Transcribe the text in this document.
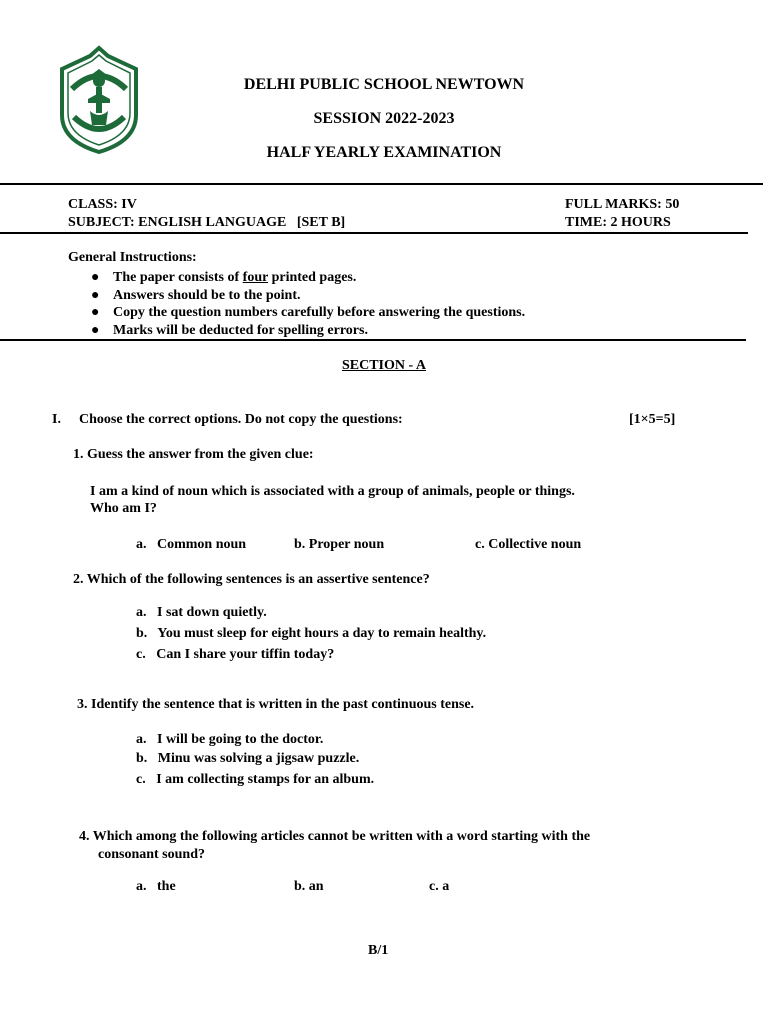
DELHI PUBLIC SCHOOL NEWTOWN
SESSION 2022-2023
HALF YEARLY EXAMINATION
CLASS: IV
SUBJECT: ENGLISH LANGUAGE   [SET B]
FULL MARKS: 50
TIME: 2 HOURS
General Instructions:
● The paper consists of four printed pages.
● Answers should be to the point.
● Copy the question numbers carefully before answering the questions.
● Marks will be deducted for spelling errors.
SECTION - A
I. Choose the correct options. Do not copy the questions:	[1×5=5]
1. Guess the answer from the given clue:
I am a kind of noun which is associated with a group of animals, people or things.
Who am I?
a.   Common noun	b. Proper noun	c. Collective noun
2. Which of the following sentences is an assertive sentence?
a.   I sat down quietly.
b.   You must sleep for eight hours a day to remain healthy.
c.   Can I share your tiffin today?
3. Identify the sentence that is written in the past continuous tense.
a.   I will be going to the doctor.
b.   Minu was solving a jigsaw puzzle.
c.   I am collecting stamps for an album.
4. Which among the following articles cannot be written with a word starting with the
consonant sound?
a.   the	b. an	c. a
B/1
